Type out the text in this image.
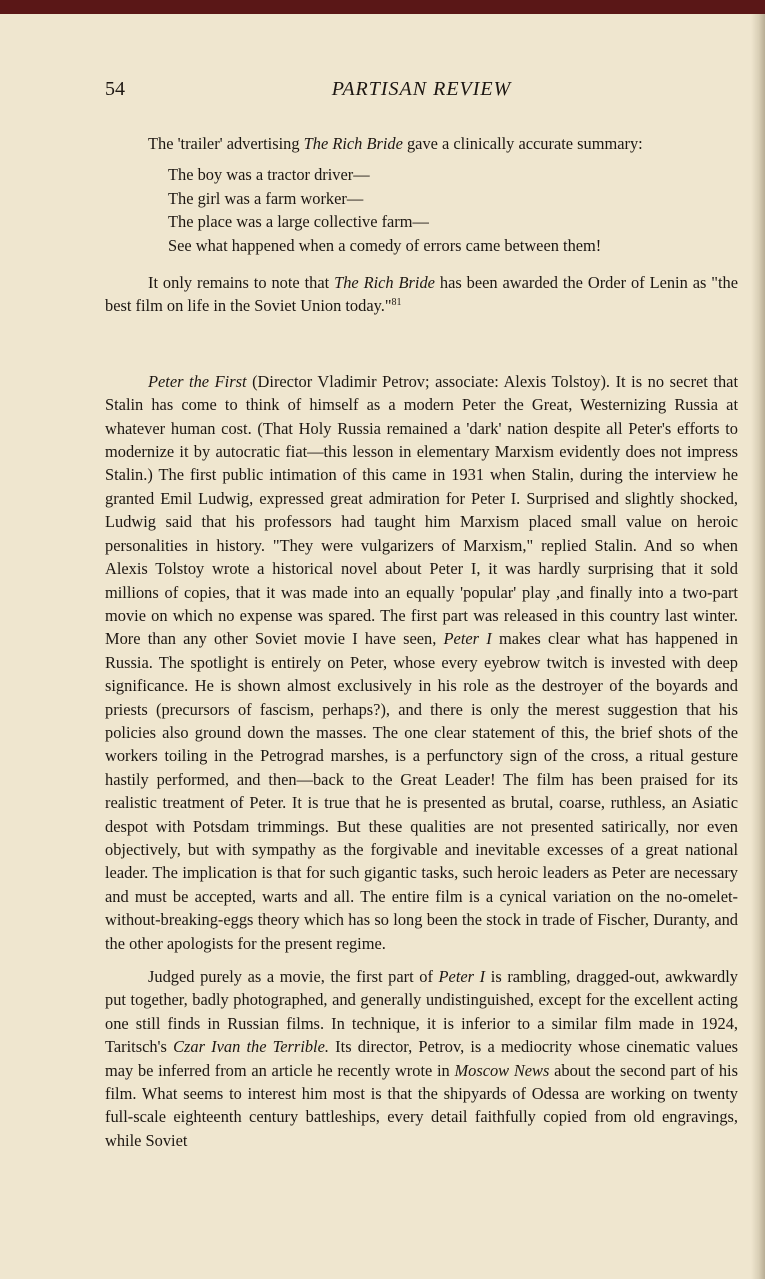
54	PARTISAN REVIEW

The 'trailer' advertising The Rich Bride gave a clinically accurate summary:

The boy was a tractor driver—
The girl was a farm worker—
The place was a large collective farm—
See what happened when a comedy of errors came between them!

It only remains to note that The Rich Bride has been awarded the Order of Lenin as "the best film on life in the Soviet Union today."$^{81}$

Peter the First (Director Vladimir Petrov; associate: Alexis Tolstoy). It is no secret that Stalin has come to think of himself as a modern Peter the Great, Westernizing Russia at whatever human cost. (That Holy Russia remained a 'dark' nation despite all Peter's efforts to modernize it by autocratic fiat—this lesson in elementary Marxism evidently does not impress Stalin.) The first public intimation of this came in 1931 when Stalin, during the interview he granted Emil Ludwig, expressed great admiration for Peter I. Surprised and slightly shocked, Ludwig said that his professors had taught him Marxism placed small value on heroic personalities in history. "They were vulgarizers of Marxism," replied Stalin. And so when Alexis Tolstoy wrote a historical novel about Peter I, it was hardly surprising that it sold millions of copies, that it was made into an equally 'popular' play ,and finally into a two-part movie on which no expense was spared. The first part was released in this country last winter. More than any other Soviet movie I have seen, Peter I makes clear what has happened in Russia. The spotlight is entirely on Peter, whose every eyebrow twitch is invested with deep significance. He is shown almost exclusively in his role as the destroyer of the boyards and priests (precursors of fascism, perhaps?), and there is only the merest suggestion that his policies also ground down the masses. The one clear statement of this, the brief shots of the workers toiling in the Petrograd marshes, is a perfunctory sign of the cross, a ritual gesture hastily performed, and then—back to the Great Leader! The film has been praised for its realistic treatment of Peter. It is true that he is presented as brutal, coarse, ruthless, an Asiatic despot with Potsdam trimmings. But these qualities are not presented satirically, nor even objectively, but with sympathy as the forgivable and inevitable excesses of a great national leader. The implication is that for such gigantic tasks, such heroic leaders as Peter are necessary and must be accepted, warts and all. The entire film is a cynical variation on the no-omelet-without-breaking-eggs theory which has so long been the stock in trade of Fischer, Duranty, and the other apologists for the present regime.

Judged purely as a movie, the first part of Peter I is rambling, dragged-out, awkwardly put together, badly photographed, and generally undistinguished, except for the excellent acting one still finds in Russian films. In technique, it is inferior to a similar film made in 1924, Taritsch's Czar Ivan the Terrible. Its director, Petrov, is a mediocrity whose cinematic values may be inferred from an article he recently wrote in Moscow News about the second part of his film. What seems to interest him most is that the shipyards of Odessa are working on twenty full-scale eighteenth century battleships, every detail faithfully copied from old engravings, while Soviet
